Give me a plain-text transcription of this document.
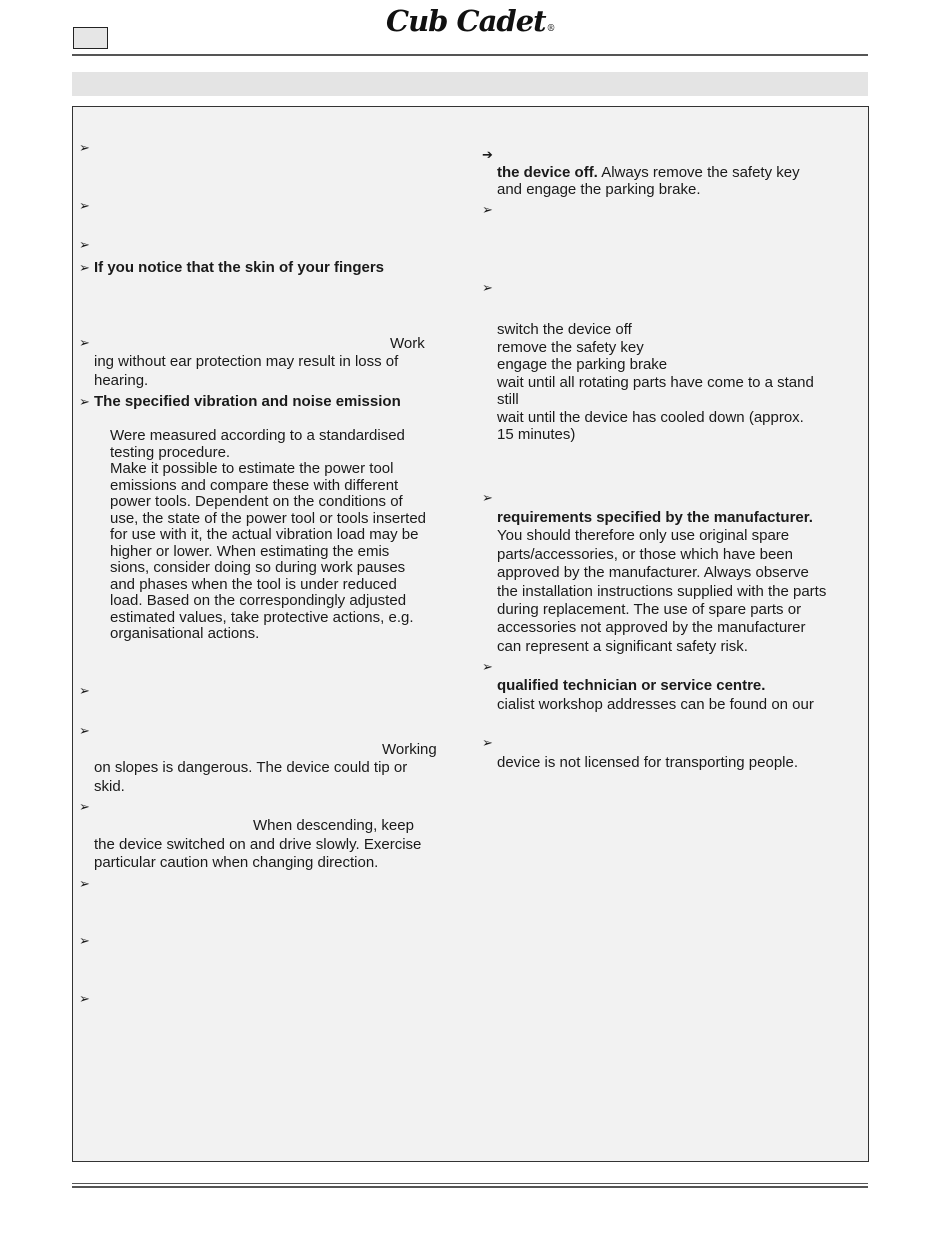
Cub Cadet®
➢
➢
➢
➢ If you notice that the skin of your fingers
➢	Work
ing without ear protection may result in loss of
hearing.
➢ The specified vibration and noise emission
Were measured according to a standardised
testing procedure.
Make it possible to estimate the power tool
emissions and compare these with different
power tools. Dependent on the conditions of
use, the state of the power tool or tools inserted
for use with it, the actual vibration load may be
higher or lower. When estimating the emis
sions, consider doing so during work pauses
and phases when the tool is under reduced
load. Based on the correspondingly adjusted
estimated values, take protective actions, e.g.
organisational actions.
➢
➢
Working
on slopes is dangerous. The device could tip or
skid.
➢
When descending, keep
the device switched on and drive slowly. Exercise
particular caution when changing direction.
➢
➢
➢
➔
the device off. Always remove the safety key
and engage the parking brake.
➢
➢
switch the device off
remove the safety key
engage the parking brake
wait until all rotating parts have come to a stand
still
wait until the device has cooled down (approx.
15 minutes)
➢
requirements specified by the manufacturer.
You should therefore only use original spare
parts/accessories, or those which have been
approved by the manufacturer. Always observe
the installation instructions supplied with the parts
during replacement. The use of spare parts or
accessories not approved by the manufacturer
can represent a significant safety risk.
➢
qualified technician or service centre.
cialist workshop addresses can be found on our
➢
device is not licensed for transporting people.
